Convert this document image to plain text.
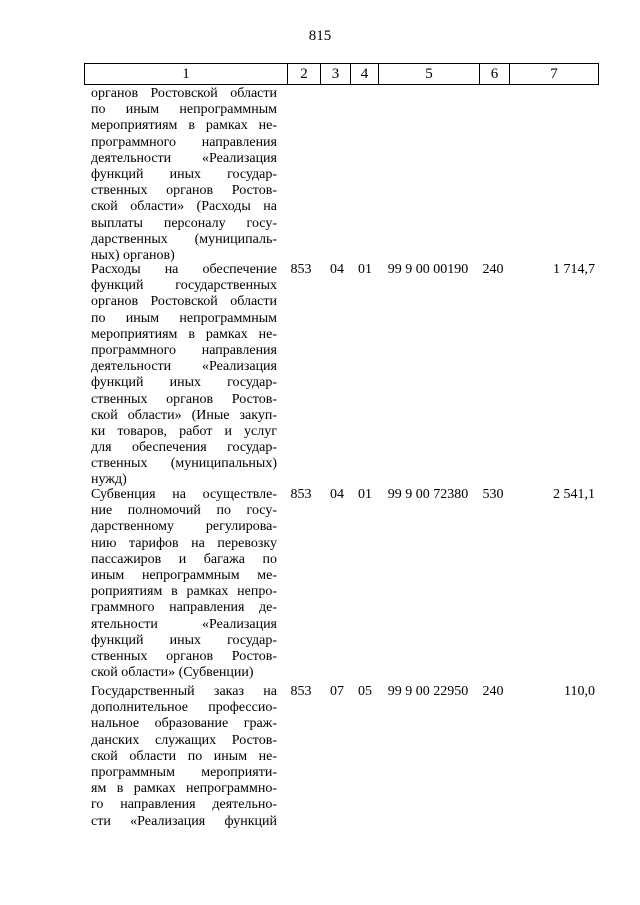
815
1	2	3	4	5	6	7
органов Ростовской области
по иным непрограммным
мероприятиям в рамках не-
программного направления
деятельности «Реализация
функций иных государ-
ственных органов Ростов-
ской области» (Расходы на
выплаты персоналу госу-
дарственных (муниципаль-
ных) органов)
Расходы на обеспечение
функций государственных
органов Ростовской области
по иным непрограммным
мероприятиям в рамках не-
программного направления
деятельности «Реализация
функций иных государ-
ственных органов Ростов-
ской области» (Иные закуп-
ки товаров, работ и услуг
для обеспечения государ-
ственных (муниципальных)
нужд)
853 04	01	99 9 00 00190	240	1 714,7
Субвенция на осуществле-
ние полномочий по госу-
дарственному регулирова-
нию тарифов на перевозку
пассажиров и багажа по
иным непрограммным ме-
роприятиям в рамках непро-
граммного направления де-
ятельности «Реализация
функций иных государ-
ственных органов Ростов-
ской области» (Субвенции)
853 04	01	99 9 00 72380	530	2 541,1
Государственный заказ на
дополнительное профессио-
нальное образование граж-
данских служащих Ростов-
ской области по иным не-
программным мероприяти-
ям в рамках непрограммно-
го направления деятельно-
сти «Реализация функций
853 07	05	99 9 00 22950	240	110,0
